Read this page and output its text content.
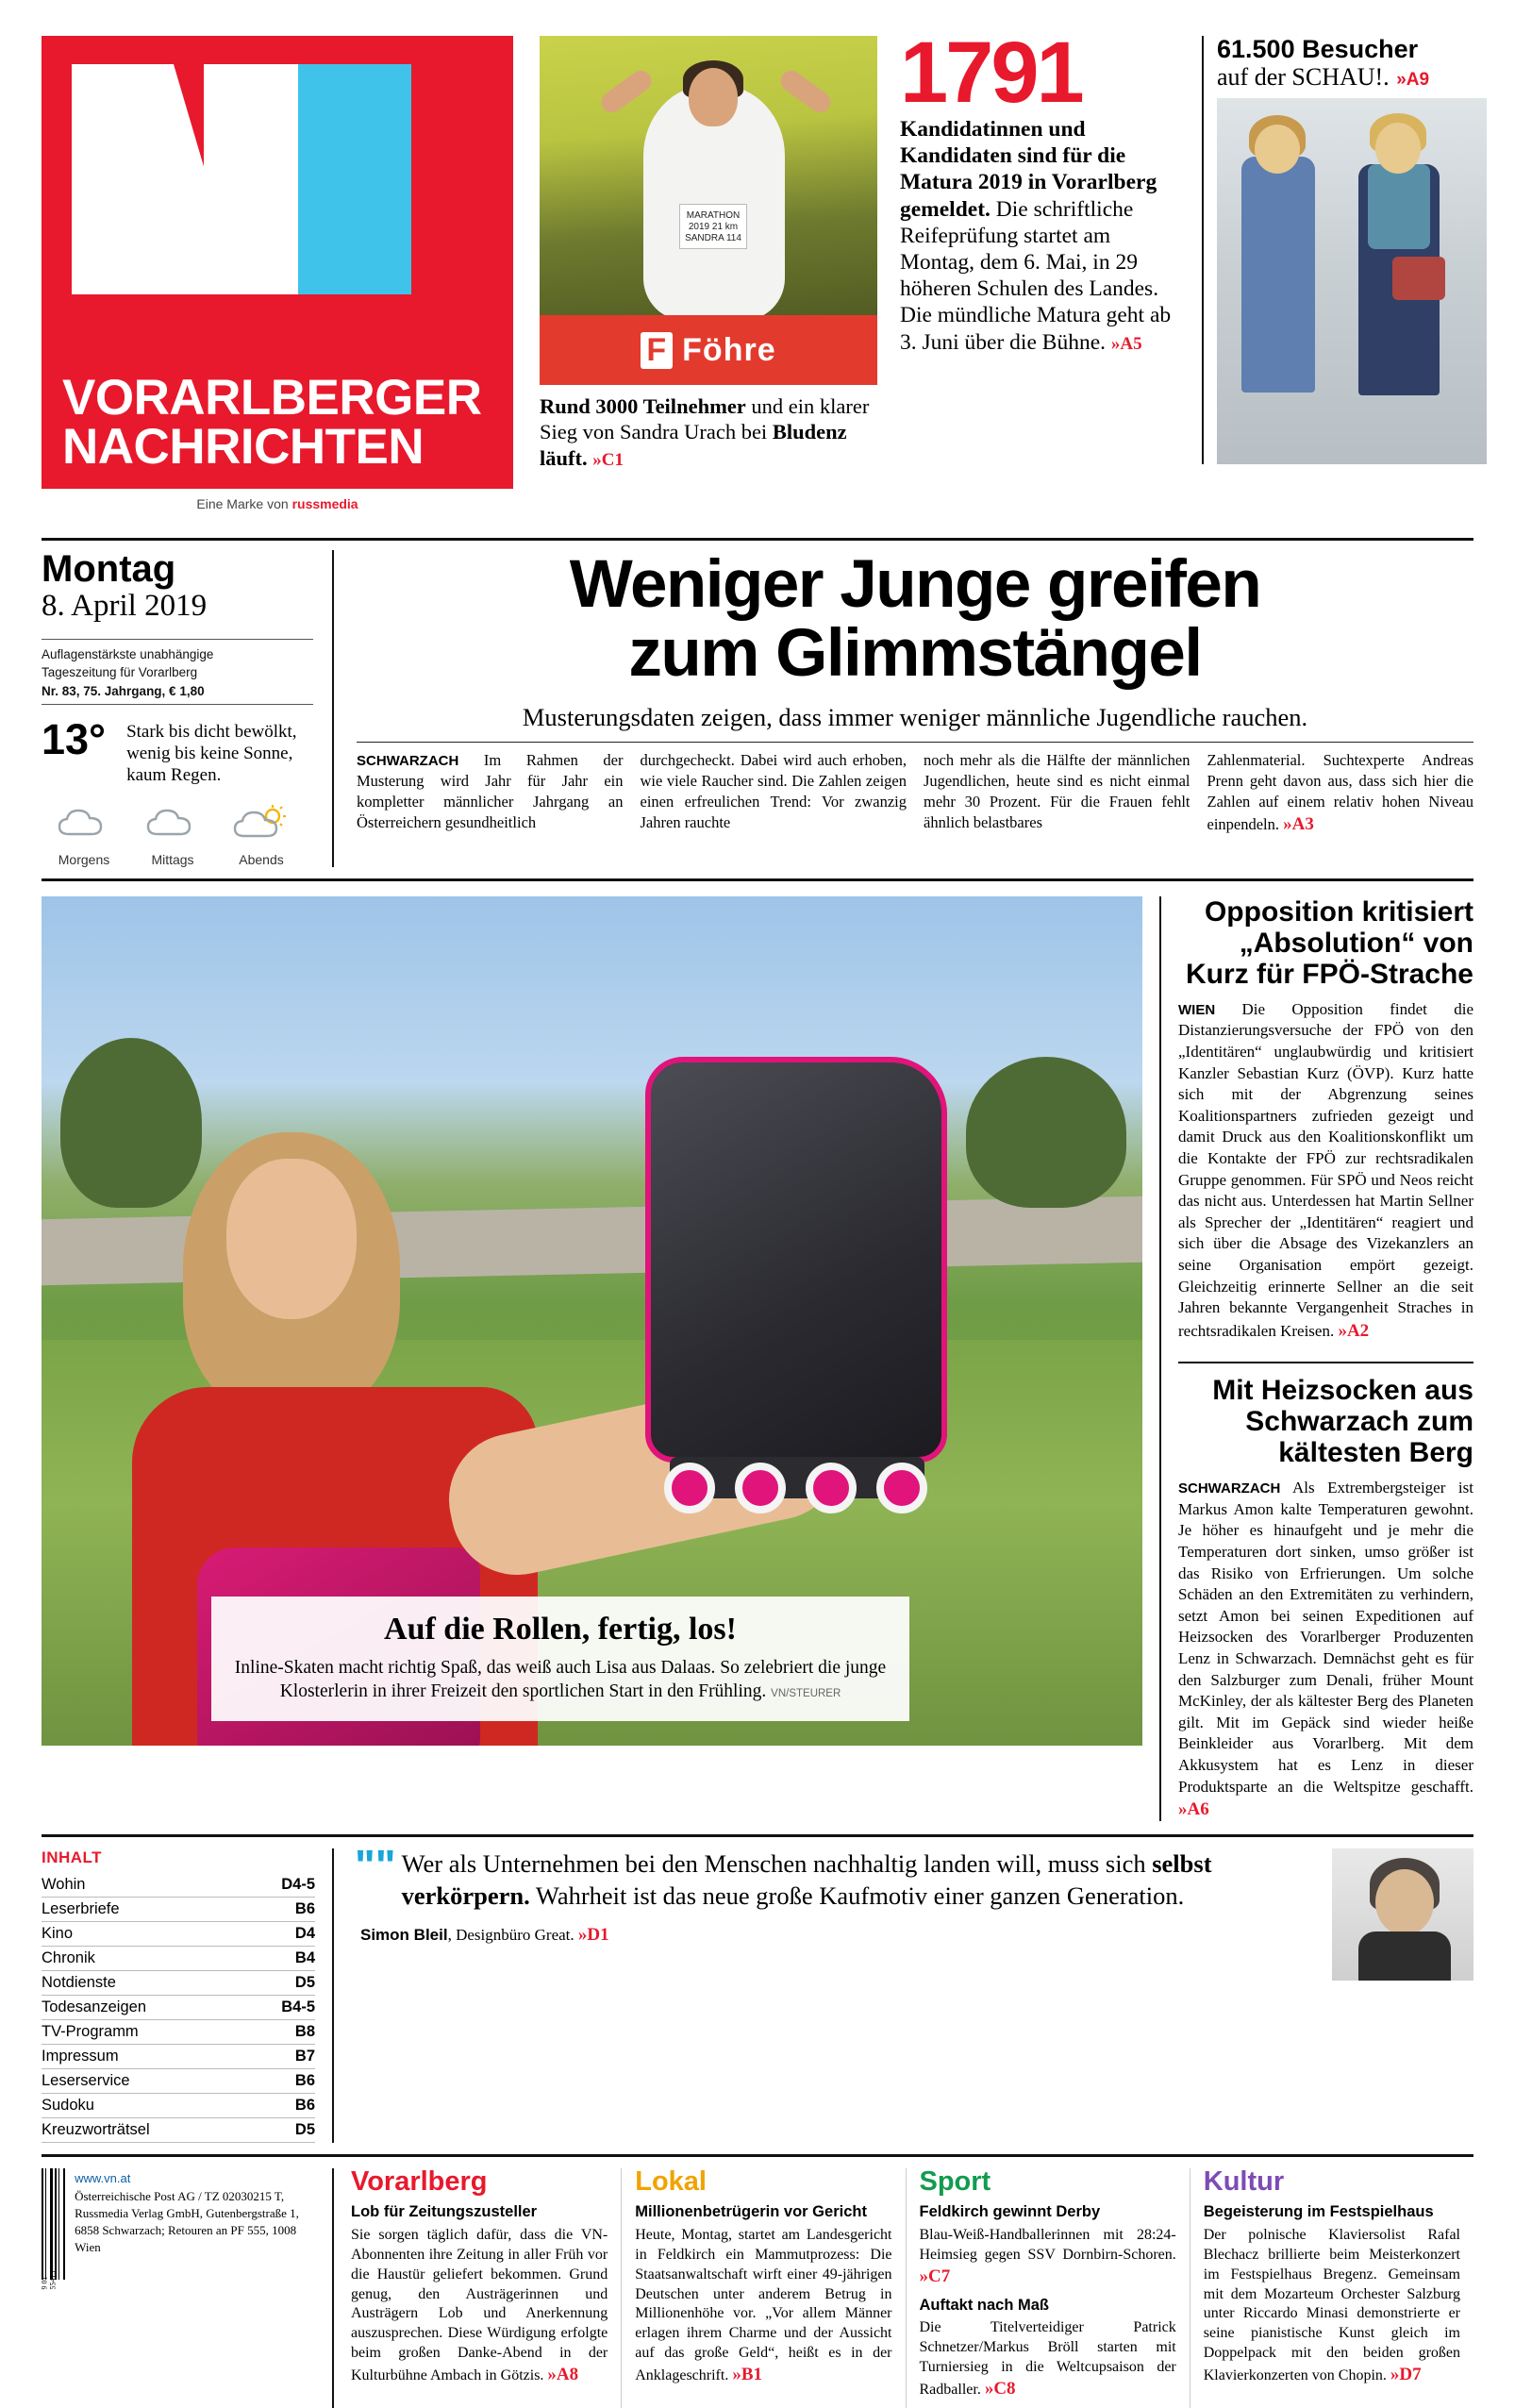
VORARLBERGER
NACHRICHTEN
Eine Marke von russmedia
MARATHON 2019 21 km SANDRA 114
F Föhre
Rund 3000 Teilnehmer und ein klarer Sieg von Sandra Urach bei Bludenz läuft. »C1
1791
Kandidatinnen und Kandidaten sind für die Matura 2019 in Vorarlberg gemeldet. Die schriftliche Reifeprüfung startet am Montag, dem 6. Mai, in 29 höheren Schulen des Landes. Die mündliche Matura geht ab 3. Juni über die Bühne. »A5
61.500 Besucher
auf der SCHAU!. »A9
Montag
8. April 2019
Auflagenstärkste unabhängige
Tageszeitung für Vorarlberg
Nr. 83, 75. Jahrgang, € 1,80
13°	Stark bis dicht bewölkt, wenig bis keine Sonne, kaum Regen.
Morgens	Mittags	Abends
Weniger Junge greifen
zum Glimmstängel
Musterungsdaten zeigen, dass immer weniger männliche Jugendliche rauchen.
SCHWARZACH Im Rahmen der Musterung wird Jahr für Jahr ein kompletter männlicher Jahrgang an Österreichern gesundheitlich
durchgecheckt. Dabei wird auch erhoben, wie viele Raucher sind. Die Zahlen zeigen einen erfreulichen Trend: Vor zwanzig Jahren rauchte
noch mehr als die Hälfte der männlichen Jugendlichen, heute sind es nicht einmal mehr 30 Prozent. Für die Frauen fehlt ähnlich belastbares
Zahlenmaterial. Suchtexperte Andreas Prenn geht davon aus, dass sich hier die Zahlen auf einem relativ hohen Niveau einpendeln. »A3
Auf die Rollen, fertig, los!
Inline-Skaten macht richtig Spaß, das weiß auch Lisa aus Dalaas. So zelebriert die junge Klosterlerin in ihrer Freizeit den sportlichen Start in den Frühling. VN/STEURER
Opposition kritisiert „Absolution“ von Kurz für FPÖ-Strache
WIEN Die Opposition findet die Distanzierungsversuche der FPÖ von den „Identitären“ unglaubwürdig und kritisiert Kanzler Sebastian Kurz (ÖVP). Kurz hatte sich mit der Abgrenzung seines Koalitionspartners zufrieden gezeigt und damit Druck aus den Koalitionskonflikt um die Kontakte der FPÖ zur rechtsradikalen Gruppe genommen. Für SPÖ und Neos reicht das nicht aus. Unterdessen hat Martin Sellner als Sprecher der „Identitären“ reagiert und sich über die Absage des Vizekanzlers an seine Organisation empört gezeigt. Gleichzeitig erinnerte Sellner an die seit Jahren bekannte Vergangenheit Straches in rechtsradikalen Kreisen. »A2
Mit Heizsocken aus Schwarzach zum kältesten Berg
SCHWARZACH Als Extrembergsteiger ist Markus Amon kalte Temperaturen gewohnt. Je höher es hinaufgeht und je mehr die Temperaturen dort sinken, umso größer ist das Risiko von Erfrierungen. Um solche Schäden an den Extremitäten zu verhindern, setzt Amon bei seinen Expeditionen auf Heizsocken des Vorarlberger Produzenten Lenz in Schwarzach. Demnächst geht es für den Salzburger zum Denali, früher Mount McKinley, der als kältester Berg des Planeten gilt. Mit im Gepäck sind wieder heiße Beinkleider aus Vorarlberg. Mit dem Akkusystem hat es Lenz in dieser Produktsparte an die Weltspitze geschafft. »A6
INHALT
Wohin	D4-5
Leserbriefe	B6
Kino	D4
Chronik	B4
Notdienste	D5
Todesanzeigen	B4-5
TV-Programm	B8
Impressum	B7
Leserservice	B6
Sudoku	B6
Kreuzworträtsel	D5
"" Wer als Unternehmen bei den Menschen nachhaltig landen will, muss sich selbst verkörpern. Wahrheit ist das neue große Kaufmotiv einer ganzen Generation.
Simon Bleil, Designbüro Great. »D1
9 01 55413
www.vn.at
Österreichische Post AG / TZ 02030215 T, Russmedia Verlag GmbH, Gutenbergstraße 1, 6858 Schwarzach; Retouren an PF 555, 1008 Wien
Vorarlberg
Lob für Zeitungszusteller

Sie sorgen täglich dafür, dass die VN-Abonnenten ihre Zeitung in aller Früh vor die Haustür geliefert bekommen. Grund genug, den Austrägerinnen und Austrägern Lob und Anerkennung auszusprechen. Diese Würdigung erfolgte beim großen Danke-Abend in der Kulturbühne Ambach in Götzis. »A8

Lokal
Millionenbetrügerin vor Gericht

Heute, Montag, startet am Landesgericht in Feldkirch ein Mammutprozess: Die Staatsanwaltschaft wirft einer 49-jährigen Deutschen unter anderem Betrug in Millionenhöhe vor. „Vor allem Männer erlagen ihrem Charme und der Aussicht auf das große Geld“, heißt es in der Anklageschrift. »B1

Sport
Feldkirch gewinnt Derby

Blau-Weiß-Handballerinnen mit 28:24-Heimsieg gegen SSV Dornbirn-Schoren. »C7

Auftakt nach Maß

Die Titelverteidiger Patrick Schnetzer/Markus Bröll starten mit Turniersieg in die Weltcupsaison der Radballer. »C8

Kultur
Begeisterung im Festspielhaus

Der polnische Klaviersolist Rafal Blechacz brillierte beim Meisterkonzert im Festspielhaus Bregenz. Gemeinsam mit dem Mozarteum Orchester Salzburg unter Riccardo Minasi demonstrierte er seine pianistische Kunst gleich im Doppelpack mit den beiden großen Klavierkonzerten von Chopin. »D7
